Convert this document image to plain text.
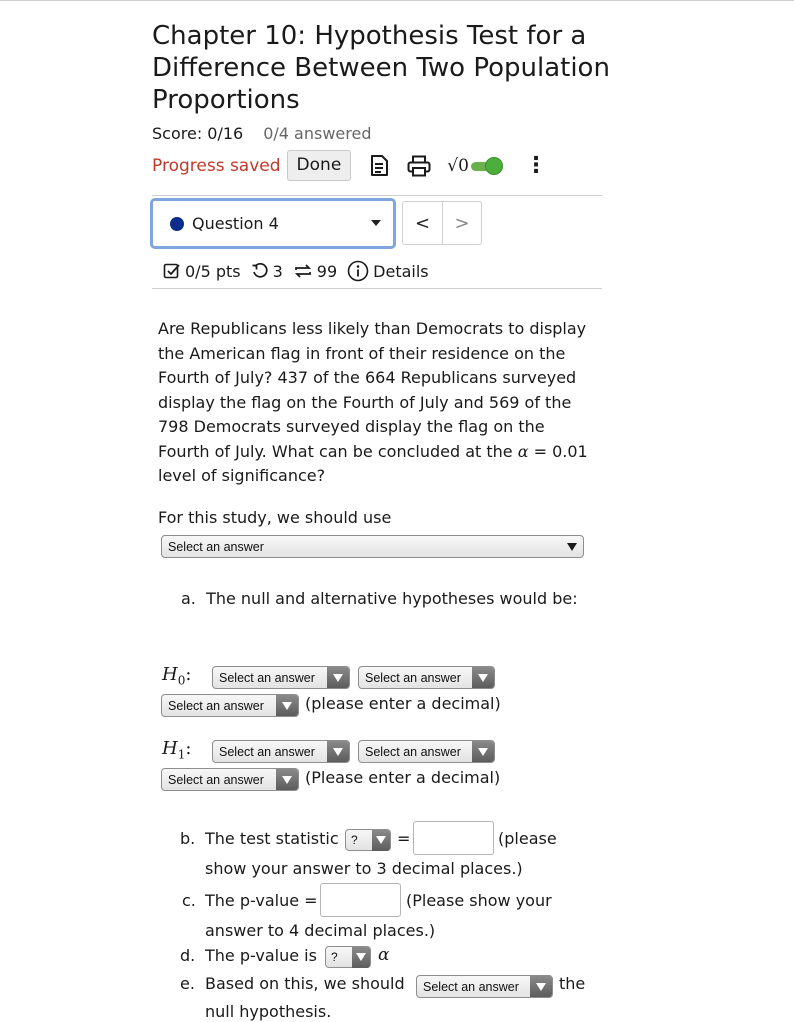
Chapter 10: Hypothesis Test for a Difference Between Two Population Proportions
Score: 0/16 0/4 answered
Progress saved Done	√0	⋮
Question 4	<	>
0/5 pts 3 99 Details

Are Republicans less likely than Democrats to display the American flag in front of their residence on the Fourth of July? 437 of the 664 Republicans surveyed display the flag on the Fourth of July and 569 of the 798 Democrats surveyed display the flag on the Fourth of July. What can be concluded at the α = 0.01 level of significance?

For this study, we should use
Select an answer
a. The null and alternative hypotheses would be:
$H_0$: Select an answer	Select an answer
Select an answer	(please enter a decimal)
$H_1$: Select an answer	Select an answer
Select an answer	(Please enter a decimal)
b. The test statistic ? =	(please
show your answer to 3 decimal places.)
c. The p-value =	(Please show your
answer to 4 decimal places.)
d. The p-value is ? α
e. Based on this, we should Select an answer	the
null hypothesis.
